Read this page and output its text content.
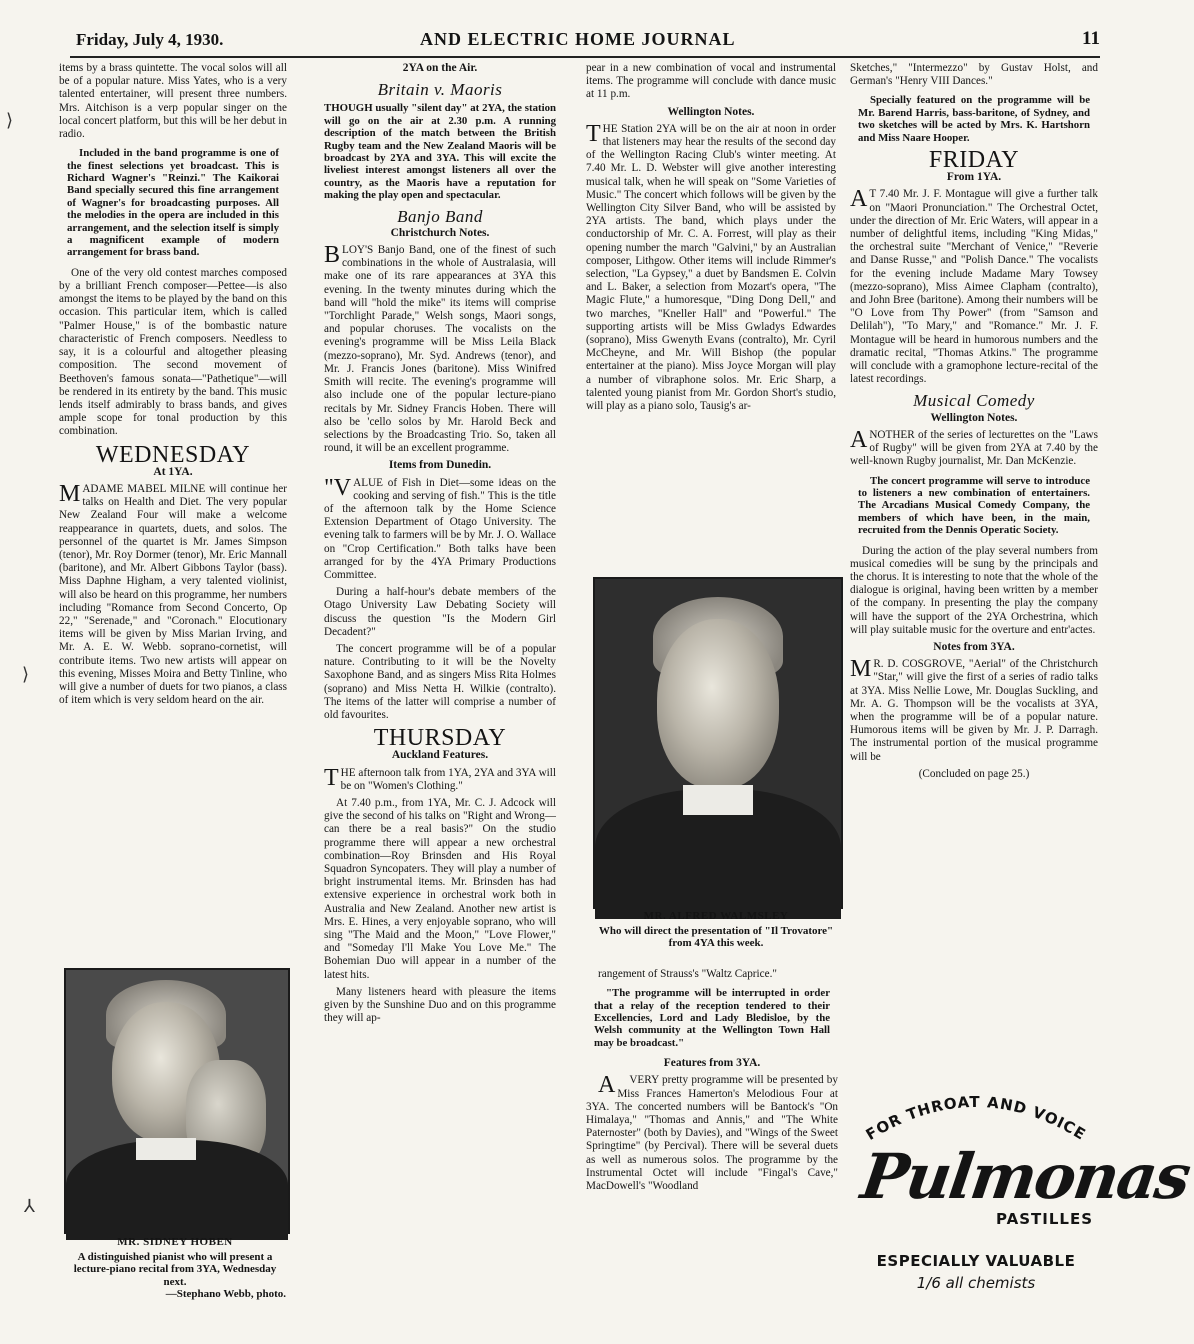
Friday, July 4, 1930.	AND ELECTRIC HOME JOURNAL	11
⟩
⟩
⅄

items by a brass quintette. The vocal solos will all be of a popular nature. Miss Yates, who is a very talented entertainer, will present three numbers. Mrs. Aitchison is a verp popular singer on the local concert platform, but this will be her debut in radio.

Included in the band programme is one of the finest selections yet broadcast. This is Richard Wagner's "Reinzi." The Kaikorai Band specially secured this fine arrangement of Wagner's for broadcasting purposes. All the melodies in the opera are included in this arrangement, and the selection itself is simply a magnificent example of modern arrangement for brass band.

One of the very old contest marches composed by a brilliant French composer—Pettee—is also amongst the items to be played by the band on this occasion. This particular item, which is called "Palmer House," is of the bombastic nature characteristic of French composers. Needless to say, it is a colourful and altogether pleasing composition. The second movement of Beethoven's famous sonata—"Pathetique"—will be rendered in its entirety by the band. This music lends itself admirably to brass bands, and gives ample scope for tonal production by this combination.

WEDNESDAY
At 1YA.

MADAME MABEL MILNE will continue her talks on Health and Diet. The very popular New Zealand Four will make a welcome reappearance in quartets, duets, and solos. The personnel of the quartet is Mr. James Simpson (tenor), Mr. Roy Dormer (tenor), Mr. Eric Mannall (baritone), and Mr. Albert Gibbons Taylor (bass). Miss Daphne Higham, a very talented violinist, will also be heard on this programme, her numbers including "Romance from Second Concerto, Op 22," "Serenade," and "Coronach." Elocutionary items will be given by Miss Marian Irving, and Mr. A. E. W. Webb. soprano-cornetist, will contribute items. Two new artists will appear on this evening, Misses Moira and Betty Tinline, who will give a number of duets for two pianos, a class of item which is very seldom heard on the air.

MR. SIDNEY HOBEN
A distinguished pianist who will present a lecture-piano recital from 3YA, Wednesday next.
—Stephano Webb, photo.
2YA on the Air.
Britain v. Maoris

THOUGH usually "silent day" at 2YA, the station will go on the air at 2.30 p.m. A running description of the match between the British Rugby team and the New Zealand Maoris will be broadcast by 2YA and 3YA. This will excite the liveliest interest amongst listeners all over the country, as the Maoris have a reputation for making the play open and spectacular.

Banjo Band
Christchurch Notes.

BLOY'S Banjo Band, one of the finest of such combinations in the whole of Australasia, will make one of its rare appearances at 3YA this evening. In the twenty minutes during which the band will "hold the mike" its items will comprise "Torchlight Parade," Welsh songs, Maori songs, and popular choruses. The vocalists on the evening's programme will be Miss Leila Black (mezzo-soprano), Mr. Syd. Andrews (tenor), and Mr. J. Francis Jones (baritone). Miss Winifred Smith will recite. The evening's programme will also include one of the popular lecture-piano recitals by Mr. Sidney Francis Hoben. There will also be 'cello solos by Mr. Harold Beck and selections by the Broadcasting Trio. So, taken all round, it will be an excellent programme.

Items from Dunedin.

"VALUE of Fish in Diet—some ideas on the cooking and serving of fish." This is the title of the afternoon talk by the Home Science Extension Department of Otago University. The evening talk to farmers will be by Mr. J. O. Wallace on "Crop Certification." Both talks have been arranged for by the 4YA Primary Productions Committee.

During a half-hour's debate members of the Otago University Law Debating Society will discuss the question "Is the Modern Girl Decadent?"

The concert programme will be of a popular nature. Contributing to it will be the Novelty Saxophone Band, and as singers Miss Rita Holmes (soprano) and Miss Netta H. Wilkie (contralto). The items of the latter will comprise a number of old favourites.

THURSDAY
Auckland Features.

THE afternoon talk from 1YA, 2YA and 3YA will be on "Women's Clothing."

At 7.40 p.m., from 1YA, Mr. C. J. Adcock will give the second of his talks on "Right and Wrong—can there be a real basis?" On the studio programme there will appear a new orchestral combination—Roy Brinsden and His Royal Squadron Syncopaters. They will play a number of bright instrumental items. Mr. Brinsden has had extensive experience in orchestral work both in Australia and New Zealand. Another new artist is Mrs. E. Hines, a very enjoyable soprano, who will sing "The Maid and the Moon," "Love Flower," and "Someday I'll Make You Love Me." The Bohemian Duo will appear in a number of the latest hits.

Many listeners heard with pleasure the items given by the Sunshine Duo and on this programme they will ap-

pear in a new combination of vocal and instrumental items. The programme will conclude with dance music at 11 p.m.

Wellington Notes.

THE Station 2YA will be on the air at noon in order that listeners may hear the results of the second day of the Wellington Racing Club's winter meeting. At 7.40 Mr. L. D. Webster will give another interesting musical talk, when he will speak on "Some Varieties of Music." The concert which follows will be given by the Wellington City Silver Band, who will be assisted by 2YA artists. The band, which plays under the conductorship of Mr. C. A. Forrest, will play as their opening number the march "Galvini," by an Australian composer, Lithgow. Other items will include Rimmer's selection, "La Gypsey," a duet by Bandsmen E. Colvin and L. Baker, a selection from Mozart's opera, "The Magic Flute," a humoresque, "Ding Dong Dell," and two marches, "Kneller Hall" and "Powerful." The supporting artists will be Miss Gwladys Edwardes (soprano), Miss Gwenyth Evans (contralto), Mr. Cyril McCheyne, and Mr. Will Bishop (the popular entertainer at the piano). Miss Joyce Morgan will play a number of vibraphone solos. Mr. Eric Sharp, a talented young pianist from Mr. Gordon Short's studio, will play as a piano solo, Tausig's ar-

MR. ALFRED WALMSLEY
Who will direct the presentation of "Il Trovatore" from 4YA this week.

rangement of Strauss's "Waltz Caprice."

"The programme will be interrupted in order that a relay of the reception tendered to their Excellencies, Lord and Lady Bledisloe, by the Welsh community at the Wellington Town Hall may be broadcast."

Features from 3YA.

AVERY pretty programme will be presented by Miss Frances Hamerton's Melodious Four at 3YA. The concerted numbers will be Bantock's "On Himalaya," "Thomas and Annis," and "The White Paternoster" (both by Davies), and "Wings of the Sweet Springtime" (by Percival). There will be several duets as well as numerous solos. The programme by the Instrumental Octet will include "Fingal's Cave," MacDowell's "Woodland

Sketches," "Intermezzo" by Gustav Holst, and German's "Henry VIII Dances."

Specially featured on the programme will be Mr. Barend Harris, bass-baritone, of Sydney, and two sketches will be acted by Mrs. K. Hartshorn and Miss Naare Hooper.

FRIDAY
From 1YA.

AT 7.40 Mr. J. F. Montague will give a further talk on "Maori Pronunciation." The Orchestral Octet, under the direction of Mr. Eric Waters, will appear in a number of delightful items, including "King Midas," the orchestral suite "Merchant of Venice," "Reverie and Danse Russe," and "Polish Dance." The vocalists for the evening include Madame Mary Towsey (mezzo-soprano), Miss Aimee Clapham (contralto), and John Bree (baritone). Among their numbers will be "O Love from Thy Power" (from "Samson and Delilah"), "To Mary," and "Romance." Mr. J. F. Montague will be heard in humorous numbers and the dramatic recital, "Thomas Atkins." The programme will conclude with a gramophone lecture-recital of the latest recordings.

Musical Comedy
Wellington Notes.

ANOTHER of the series of lecturettes on the "Laws of Rugby" will be given from 2YA at 7.40 by the well-known Rugby journalist, Mr. Dan McKenzie.

The concert programme will serve to introduce to listeners a new combination of entertainers. The Arcadians Musical Comedy Company, the members of which have been, in the main, recruited from the Dennis Operatic Society.

During the action of the play several numbers from musical comedies will be sung by the principals and the chorus. It is interesting to note that the whole of the dialogue is original, having been written by a member of the company. In presenting the play the company will have the support of the 2YA Orchestrina, which will play suitable music for the overture and entr'actes.

Notes from 3YA.

MR. D. COSGROVE, "Aerial" of the Christchurch "Star," will give the first of a series of radio talks at 3YA. Miss Nellie Lowe, Mr. Douglas Suckling, and Mr. A. G. Thompson will be the vocalists at 3YA, when the programme will be of a popular nature. Humorous items will be given by Mr. J. P. Darragh. The instrumental portion of the musical programme will be

(Concluded on page 25.)

FOR THROAT AND VOICE
Pulmonas
PASTILLES
ESPECIALLY VALUABLE
1/6 all chemists
